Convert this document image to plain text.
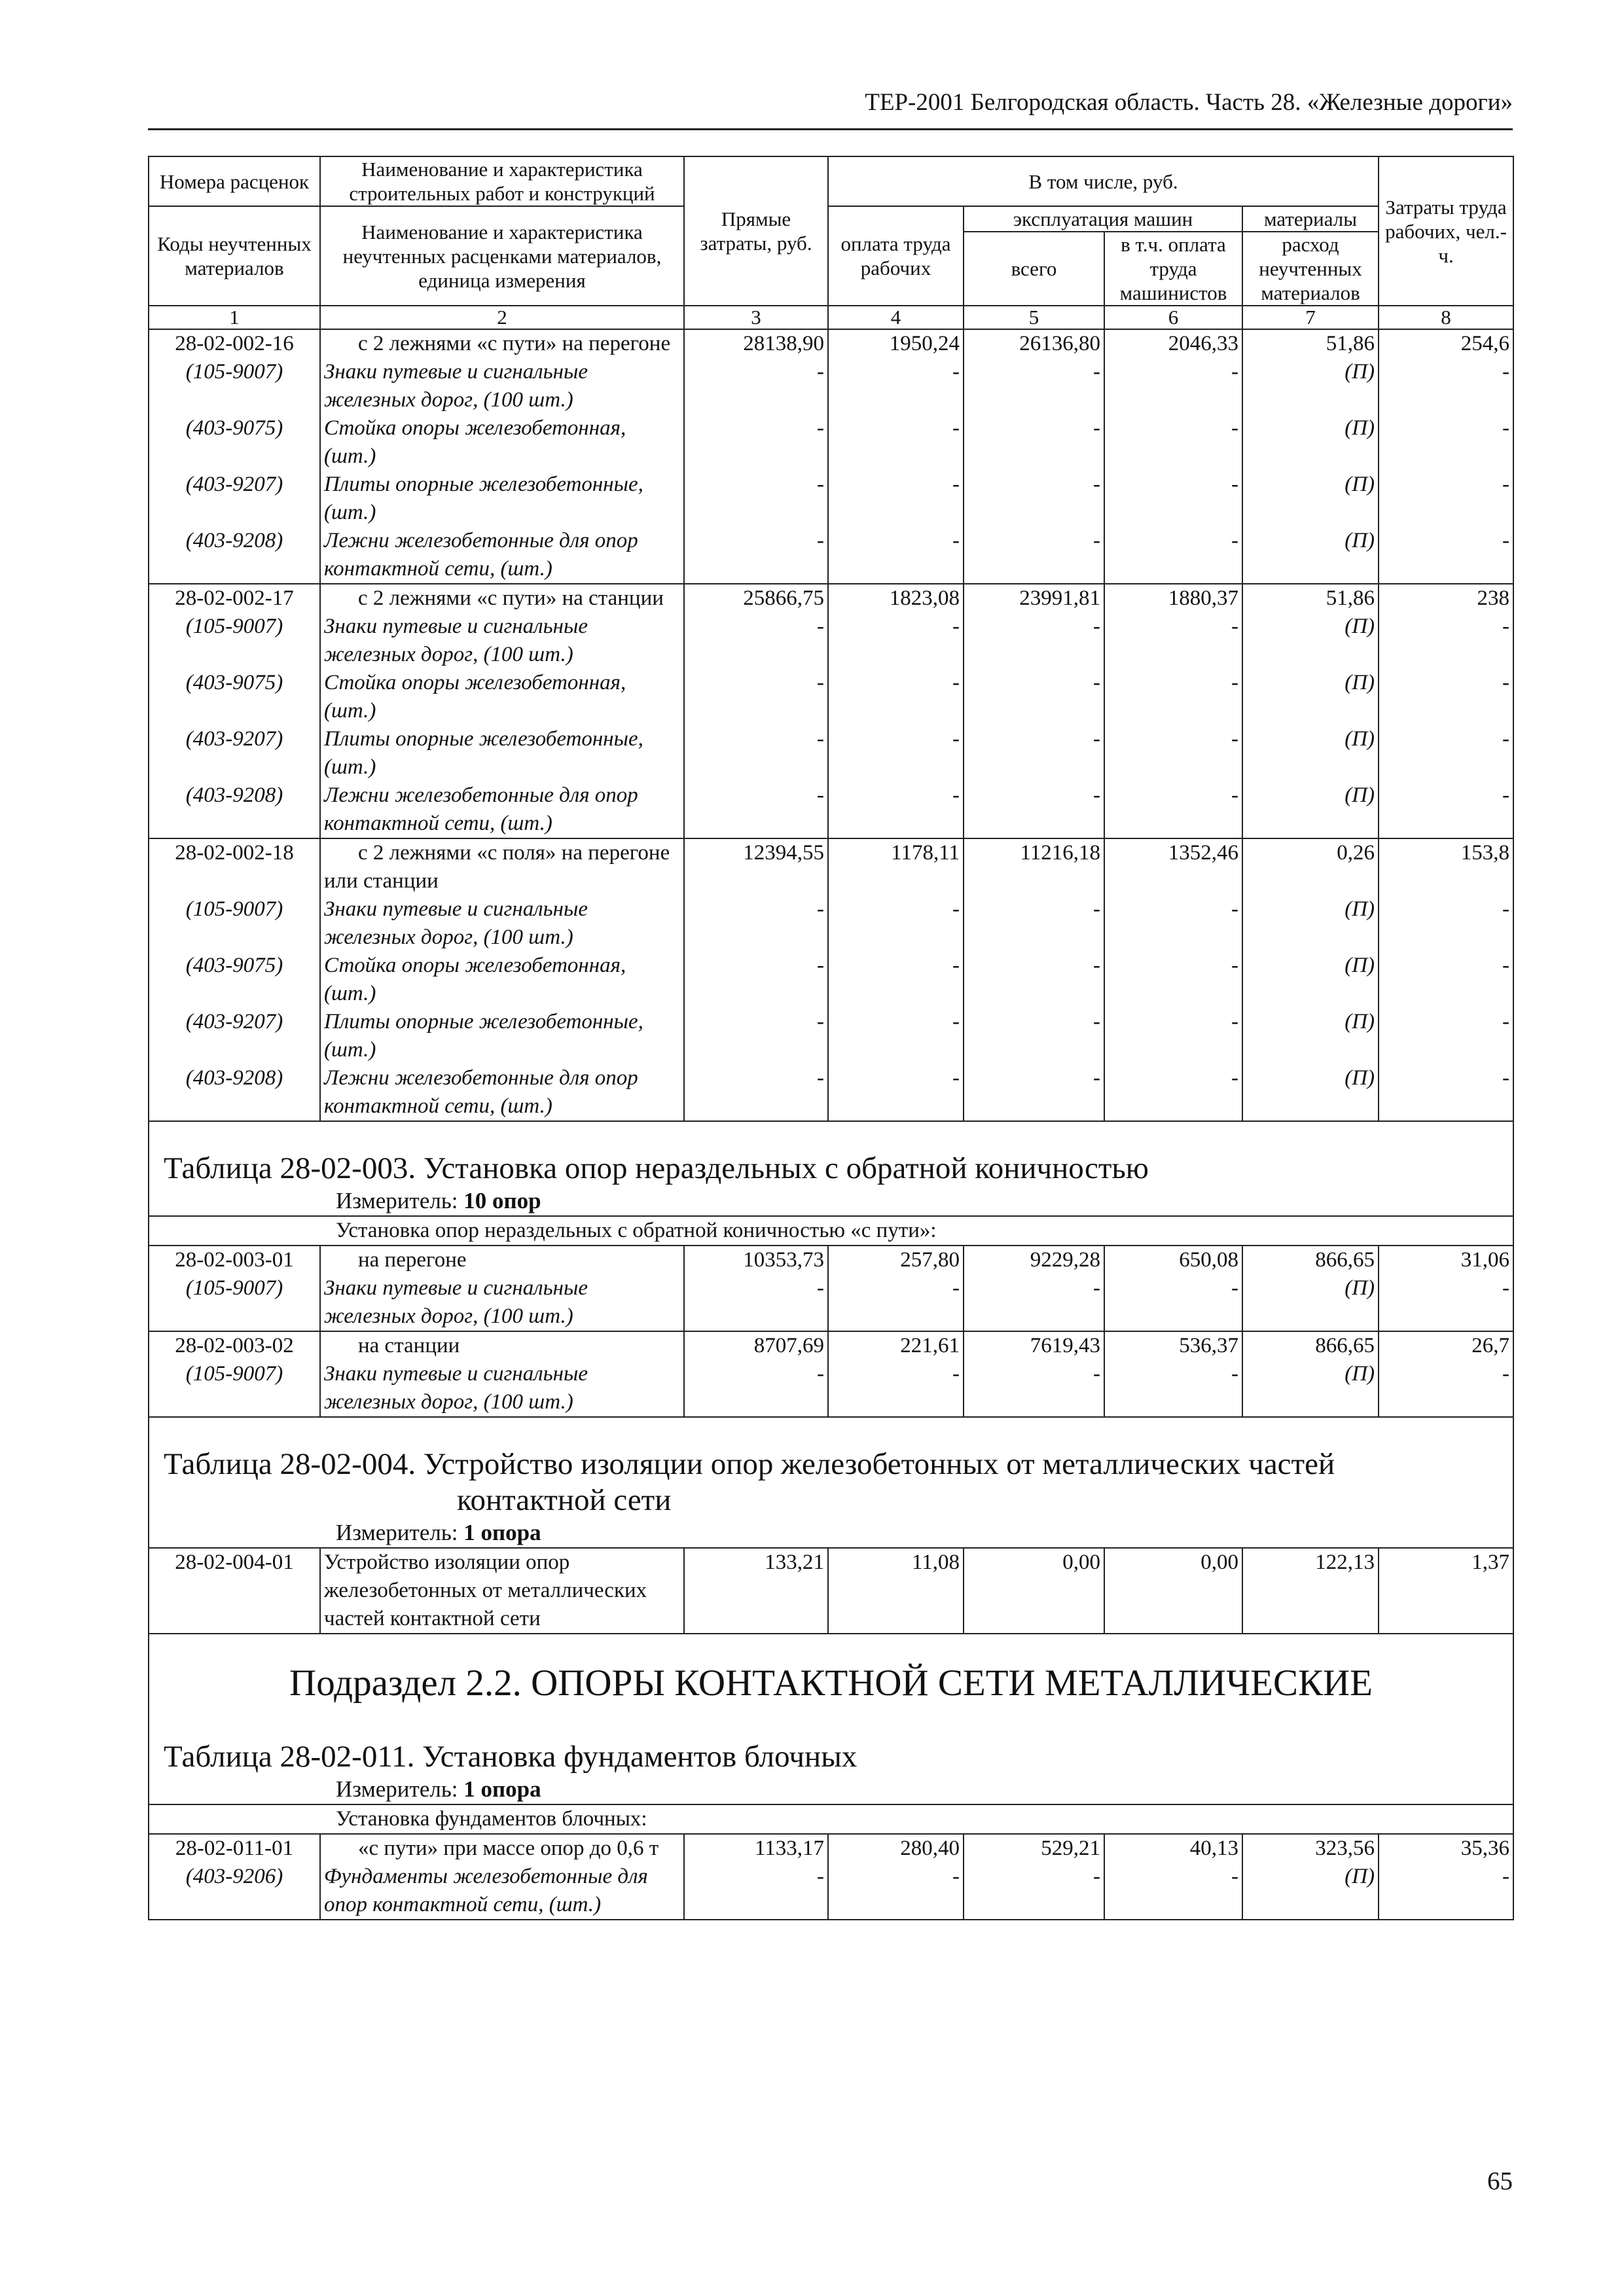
ТЕР-2001 Белгородская область. Часть 28. «Железные дороги»
Номера расценок	Наименование и характеристика строительных работ и конструкций	Прямые затраты, руб.	В том числе, руб.				Затраты труда рабочих, чел.-ч.
Коды неучтенных материалов	Наименование и характеристика неучтенных расценками материалов, единица измерения		оплата труда рабочих	эксплуатация машин		материалы	
				всего	в т.ч. оплата труда машинистов	расход неучтенных материалов	
1	2	3	4	5	6	7	8
28-02-002-16	с 2 лежнями «с пути» на перегоне	28138,90	1950,24	26136,80	2046,33	51,86	254,6
(105-9007)	Знаки путевые и сигнальные железных дорог, (100 шт.)	-	-	-	-	(П)	-
(403-9075)	Стойка опоры железобетонная, (шт.)	-	-	-	-	(П)	-
(403-9207)	Плиты опорные железобетонные, (шт.)	-	-	-	-	(П)	-
(403-9208)	Лежни железобетонные для опор контактной сети, (шт.)	-	-	-	-	(П)	-
28-02-002-17	с 2 лежнями «с пути» на станции	25866,75	1823,08	23991,81	1880,37	51,86	238
(105-9007)	Знаки путевые и сигнальные железных дорог, (100 шт.)	-	-	-	-	(П)	-
(403-9075)	Стойка опоры железобетонная, (шт.)	-	-	-	-	(П)	-
(403-9207)	Плиты опорные железобетонные, (шт.)	-	-	-	-	(П)	-
(403-9208)	Лежни железобетонные для опор контактной сети, (шт.)	-	-	-	-	(П)	-
28-02-002-18	с 2 лежнями «с поля» на перегоне или станции	12394,55	1178,11	11216,18	1352,46	0,26	153,8
(105-9007)	Знаки путевые и сигнальные железных дорог, (100 шт.)	-	-	-	-	(П)	-
(403-9075)	Стойка опоры железобетонная, (шт.)	-	-	-	-	(П)	-
(403-9207)	Плиты опорные железобетонные, (шт.)	-	-	-	-	(П)	-
(403-9208)	Лежни железобетонные для опор контактной сети, (шт.)	-	-	-	-	(П)	-
Таблица 28-02-003. Установка опор нераздельных с обратной коничностью							
Измеритель: 10 опор							
Установка опор нераздельных с обратной коничностью «с пути»:							
28-02-003-01	на перегоне	10353,73	257,80	9229,28	650,08	866,65	31,06
(105-9007)	Знаки путевые и сигнальные железных дорог, (100 шт.)	-	-	-	-	(П)	-
28-02-003-02	на станции	8707,69	221,61	7619,43	536,37	866,65	26,7
(105-9007)	Знаки путевые и сигнальные железных дорог, (100 шт.)	-	-	-	-	(П)	-
Таблица 28-02-004. Устройство изоляции опор железобетонных от металлических частей
контактной сети							

Измеритель: 1 опора							
28-02-004-01	Устройство изоляции опор железобетонных от металлических частей контактной сети	133,21	11,08	0,00	0,00	122,13	1,37
Подраздел 2.2. ОПОРЫ КОНТАКТНОЙ СЕТИ МЕТАЛЛИЧЕСКИЕ							
Таблица 28-02-011. Установка фундаментов блочных							
Измеритель: 1 опора							
Установка фундаментов блочных:							
28-02-011-01	«с пути» при массе опор до 0,6 т	1133,17	280,40	529,21	40,13	323,56	35,36
(403-9206)	Фундаменты железобетонные для опор контактной сети, (шт.)	-	-	-	-	(П)	-
65
